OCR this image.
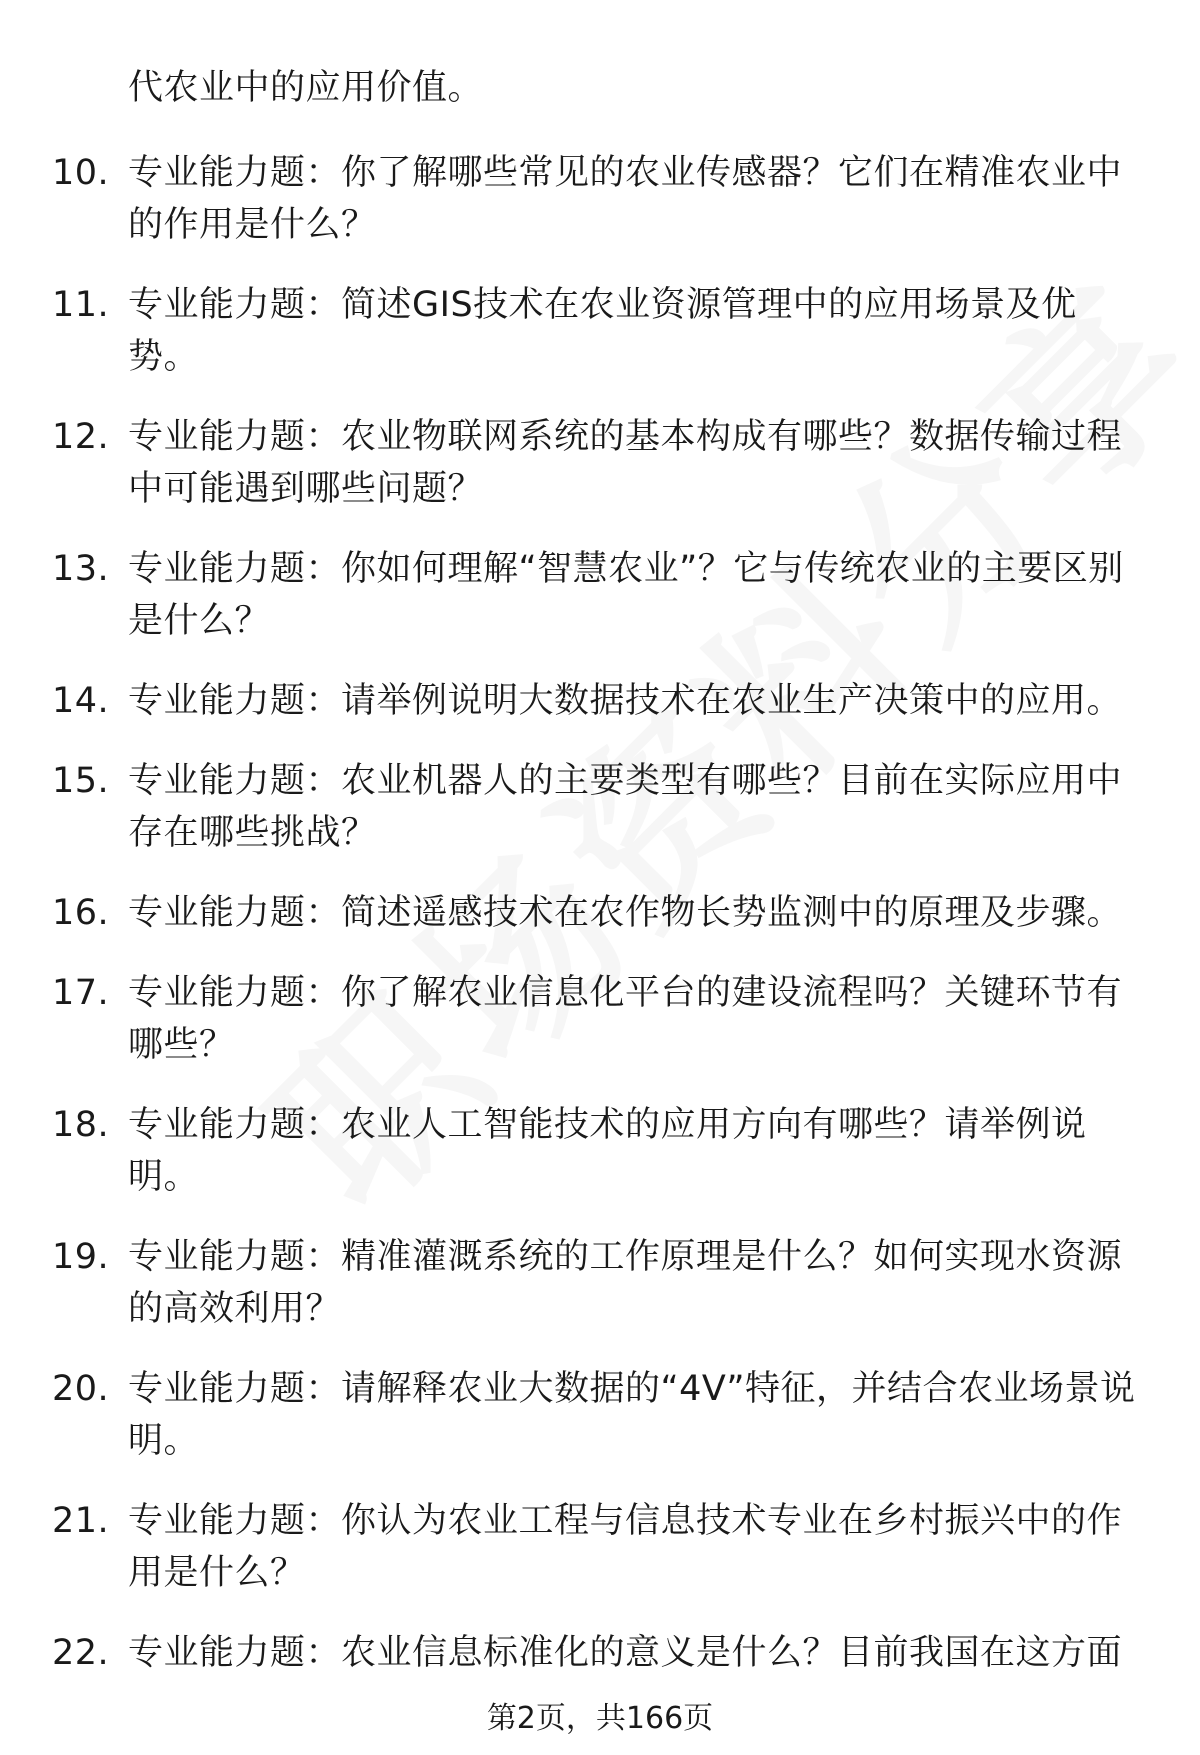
代农业中的应用价值。
10. 专业能力题：你了解哪些常见的农业传感器？它们在精准农业中的作用是什么？
11. 专业能力题：简述GIS技术在农业资源管理中的应用场景及优势。
12. 专业能力题：农业物联网系统的基本构成有哪些？数据传输过程中可能遇到哪些问题？
13. 专业能力题：你如何理解“智慧农业”？它与传统农业的主要区别是什么？
14. 专业能力题：请举例说明大数据技术在农业生产决策中的应用。
15. 专业能力题：农业机器人的主要类型有哪些？目前在实际应用中存在哪些挑战？
16. 专业能力题：简述遥感技术在农作物长势监测中的原理及步骤。
17. 专业能力题：你了解农业信息化平台的建设流程吗？关键环节有哪些？
18. 专业能力题：农业人工智能技术的应用方向有哪些？请举例说明。
19. 专业能力题：精准灌溉系统的工作原理是什么？如何实现水资源的高效利用？
20. 专业能力题：请解释农业大数据的“4V”特征，并结合农业场景说明。
21. 专业能力题：你认为农业工程与信息技术专业在乡村振兴中的作用是什么？
22. 专业能力题：农业信息标准化的意义是什么？目前我国在这方面
第2页，共166页
